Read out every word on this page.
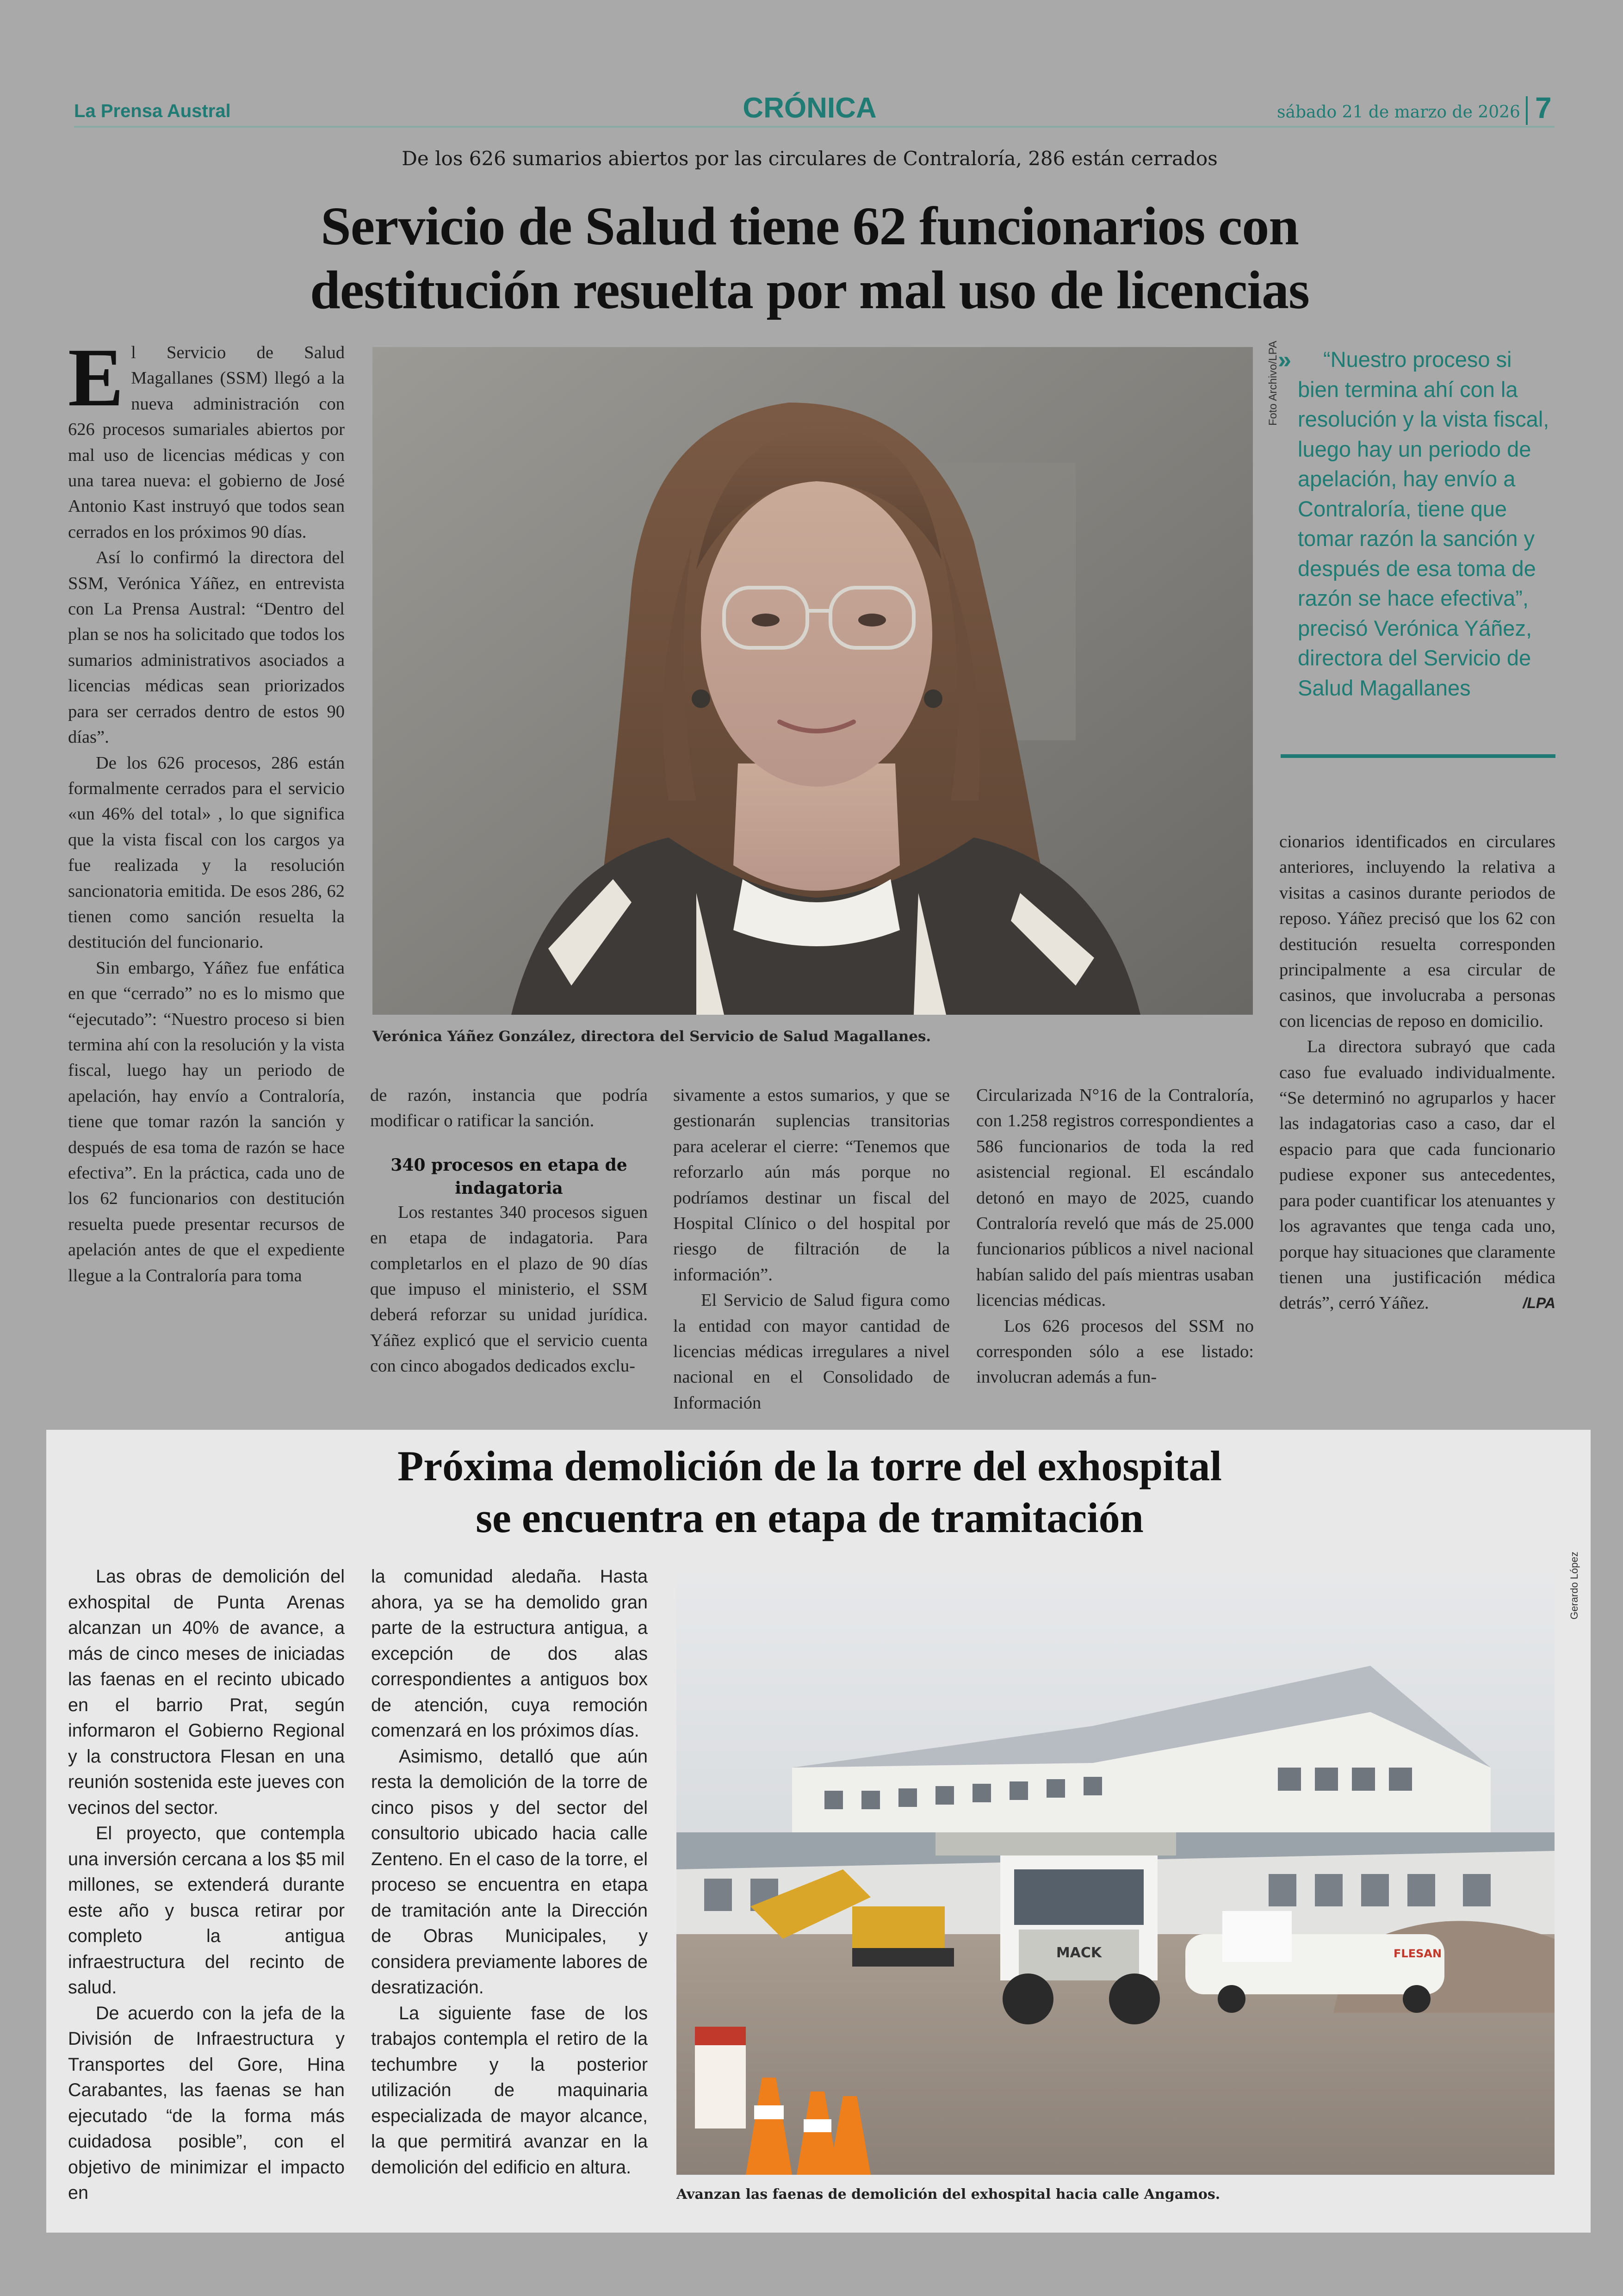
La Prensa Austral	CRÓNICA	sábado 21 de marzo de 2026 7
De los 626 sumarios abiertos por las circulares de Contraloría, 286 están cerrados
Servicio de Salud tiene 62 funcionarios con
destitución resuelta por mal uso de licencias
E l Servicio de Salud Magallanes (SSM) llegó a la nueva administración con 626 procesos sumariales abiertos por mal uso de licencias médicas y con una tarea nueva: el gobierno de José Antonio Kast instruyó que todos sean cerrados en los próximos 90 días.

Así lo confirmó la directora del SSM, Verónica Yáñez, en entrevista con La Prensa Austral: “Dentro del plan se nos ha solicitado que todos los sumarios administrativos asociados a licencias médicas sean priorizados para ser cerrados dentro de estos 90 días”.

De los 626 procesos, 286 están formalmente cerrados para el servicio «un 46% del total» , lo que significa que la vista fiscal con los cargos ya fue realizada y la resolución sancionatoria emitida. De esos 286, 62 tienen como sanción resuelta la destitución del funcionario.

Sin embargo, Yáñez fue enfática en que “cerrado” no es lo mismo que “ejecutado”: “Nuestro proceso si bien termina ahí con la resolución y la vista fiscal, luego hay un periodo de apelación, hay envío a Contraloría, tiene que tomar razón la sanción y después de esa toma de razón se hace efectiva”. En la práctica, cada uno de los 62 funcionarios con destitución resuelta puede presentar recursos de apelación antes de que el expediente llegue a la Contraloría para toma

Verónica Yáñez González, directora del Servicio de Salud Magallanes.
Foto Archivo/LPA
»	“Nuestro proceso si bien termina ahí con la resolución y la vista fiscal, luego hay un periodo de apelación, hay envío a Contraloría, tiene que tomar razón la sanción y después de esa toma de razón se hace efectiva”, precisó Verónica Yáñez, directora del Servicio de Salud Magallanes

cionarios identificados en circulares anteriores, incluyendo la relativa a visitas a casinos durante periodos de reposo. Yáñez precisó que los 62 con destitución resuelta corresponden principalmente a esa circular de casinos, que involucraba a personas con licencias de reposo en domicilio.

La directora subrayó que cada caso fue evaluado individualmente. “Se determinó no agruparlos y hacer las indagatorias caso a caso, dar el espacio para que cada funcionario pudiese exponer sus antecedentes, para poder cuantificar los atenuantes y los agravantes que tenga cada uno, porque hay situaciones que claramente tienen una justificación médica detrás”, cerró Yáñez.	/LPA

de razón, instancia que podría modificar o ratificar la sanción.

340 procesos en etapa de indagatoria

Los restantes 340 procesos siguen en etapa de indagatoria. Para completarlos en el plazo de 90 días que impuso el ministerio, el SSM deberá reforzar su unidad jurídica. Yáñez explicó que el servicio cuenta con cinco abogados dedicados exclu-

sivamente a estos sumarios, y que se gestionarán suplencias transitorias para acelerar el cierre: “Tenemos que reforzarlo aún más porque no podríamos destinar un fiscal del Hospital Clínico o del hospital por riesgo de filtración de la información”.

El Servicio de Salud figura como la entidad con mayor cantidad de licencias médicas irregulares a nivel nacional en el Consolidado de Información

Circularizada N°16 de la Contraloría, con 1.258 registros correspondientes a 586 funcionarios de toda la red asistencial regional. El escándalo detonó en mayo de 2025, cuando Contraloría reveló que más de 25.000 funcionarios públicos a nivel nacional habían salido del país mientras usaban licencias médicas.

Los 626 procesos del SSM no corresponden sólo a ese listado: involucran además a fun-

Próxima demolición de la torre del exhospital
se encuentra en etapa de tramitación

Las obras de demolición del exhospital de Punta Arenas alcanzan un 40% de avance, a más de cinco meses de iniciadas las faenas en el recinto ubicado en el barrio Prat, según informaron el Gobierno Regional y la constructora Flesan en una reunión sostenida este jueves con vecinos del sector.

El proyecto, que contempla una inversión cercana a los $5 mil millones, se extenderá durante este año y busca retirar por completo la antigua infraestructura del recinto de salud.

De acuerdo con la jefa de la División de Infraestructura y Transportes del Gore, Hina Carabantes, las faenas se han ejecutado “de la forma más cuidadosa posible”, con el objetivo de minimizar el impacto en

la comunidad aledaña. Hasta ahora, ya se ha demolido gran parte de la estructura antigua, a excepción de dos alas correspondientes a antiguos box de atención, cuya remoción comenzará en los próximos días.

Asimismo, detalló que aún resta la demolición de la torre de cinco pisos y del sector del consultorio ubicado hacia calle Zenteno. En el caso de la torre, el proceso se encuentra en etapa de tramitación ante la Dirección de Obras Municipales, y considera previamente labores de desratización.

La siguiente fase de los trabajos contempla el retiro de la techumbre y la posterior utilización de maquinaria especializada de mayor alcance, la que permitirá avanzar en la demolición del edificio en altura.

MACK	FLESAN
Gerardo López
Avanzan las faenas de demolición del exhospital hacia calle Angamos.
